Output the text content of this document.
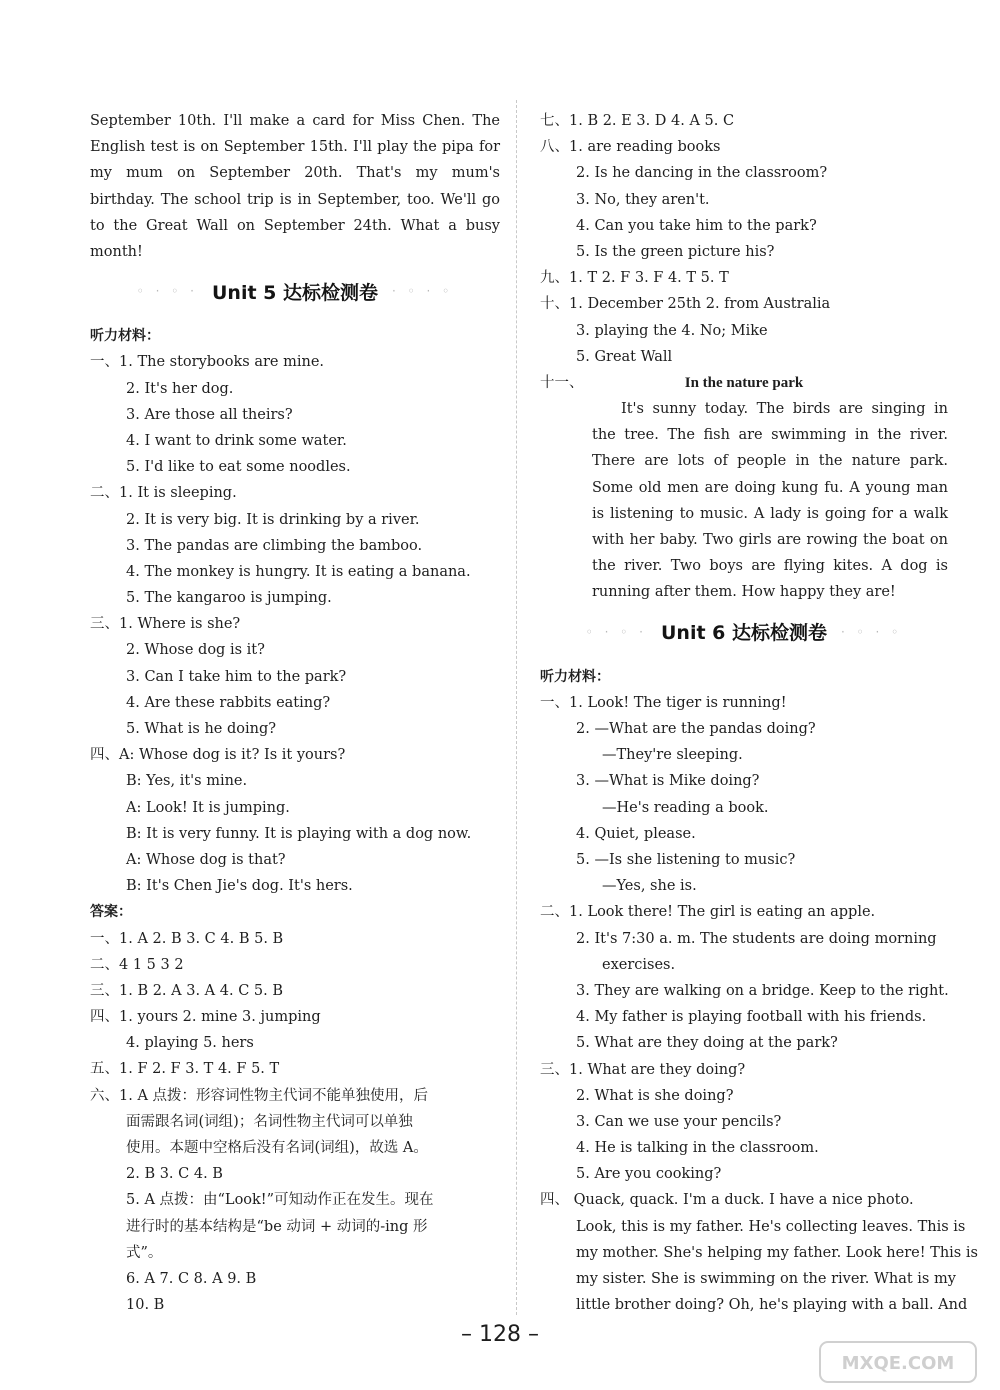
September 10th. I'll make a card for Miss Chen. The English test is on September 15th. I'll play the pipa for my mum on September 20th. That's my mum's birthday. The school trip is in September, too. We'll go to the Great Wall on September 24th. What a busy month!
◦ · ◦ · Unit 5 达标检测卷 · ◦ · ◦
听力材料：
一、1. The storybooks are mine.
2. It's her dog.
3. Are those all theirs?
4. I want to drink some water.
5. I'd like to eat some noodles.
二、1. It is sleeping.
2. It is very big. It is drinking by a river.
3. The pandas are climbing the bamboo.
4. The monkey is hungry. It is eating a banana.
5. The kangaroo is jumping.
三、1. Where is she?
2. Whose dog is it?
3. Can I take him to the park?
4. Are these rabbits eating?
5. What is he doing?
四、A: Whose dog is it? Is it yours?
B: Yes, it's mine.
A: Look! It is jumping.
B: It is very funny. It is playing with a dog now.
A: Whose dog is that?
B: It's Chen Jie's dog. It's hers.
答案：
一、1. A 2. B 3. C 4. B 5. B
二、4 1 5 3 2
三、1. B 2. A 3. A 4. C 5. B
四、1. yours 2. mine 3. jumping
4. playing 5. hers
五、1. F 2. F 3. T 4. F 5. T
六、1. A 点拨：形容词性物主代词不能单独使用，后
面需跟名词(词组)；名词性物主代词可以单独
使用。本题中空格后没有名词(词组)，故选 A。
2. B 3. C 4. B
5. A 点拨：由“Look!”可知动作正在发生。现在
进行时的基本结构是“be 动词 + 动词的-ing 形
式”。
6. A 7. C 8. A 9. B
10. B
七、1. B 2. E 3. D 4. A 5. C
八、1. are reading books
2. Is he dancing in the classroom?
3. No, they aren't.
4. Can you take him to the park?
5. Is the green picture his?
九、1. T 2. F 3. F 4. T 5. T
十、1. December 25th 2. from Australia
3. playing the 4. No; Mike
5. Great Wall
十一、	In the nature park
It's sunny today. The birds are singing in the tree. The fish are swimming in the river. There are lots of people in the nature park. Some old men are doing kung fu. A young man is listening to music. A lady is going for a walk with her baby. Two girls are rowing the boat on the river. Two boys are flying kites. A dog is running after them. How happy they are!
◦ · ◦ · Unit 6 达标检测卷 · ◦ · ◦
听力材料：
一、1. Look! The tiger is running!
2. —What are the pandas doing?
—They're sleeping.
3. —What is Mike doing?
—He's reading a book.
4. Quiet, please.
5. —Is she listening to music?
—Yes, she is.
二、1. Look there! The girl is eating an apple.
2. It's 7:30 a. m. The students are doing morning
exercises.
3. They are walking on a bridge. Keep to the right.
4. My father is playing football with his friends.
5. What are they doing at the park?
三、1. What are they doing?
2. What is she doing?
3. Can we use your pencils?
4. He is talking in the classroom.
5. Are you cooking?
四、 Quack, quack. I'm a duck. I have a nice photo.
Look, this is my father. He's collecting leaves. This is
my mother. She's helping my father. Look here! This is
my sister. She is swimming on the river. What is my
little brother doing? Oh, he's playing with a ball. And
– 128 –
MXQE.COM
